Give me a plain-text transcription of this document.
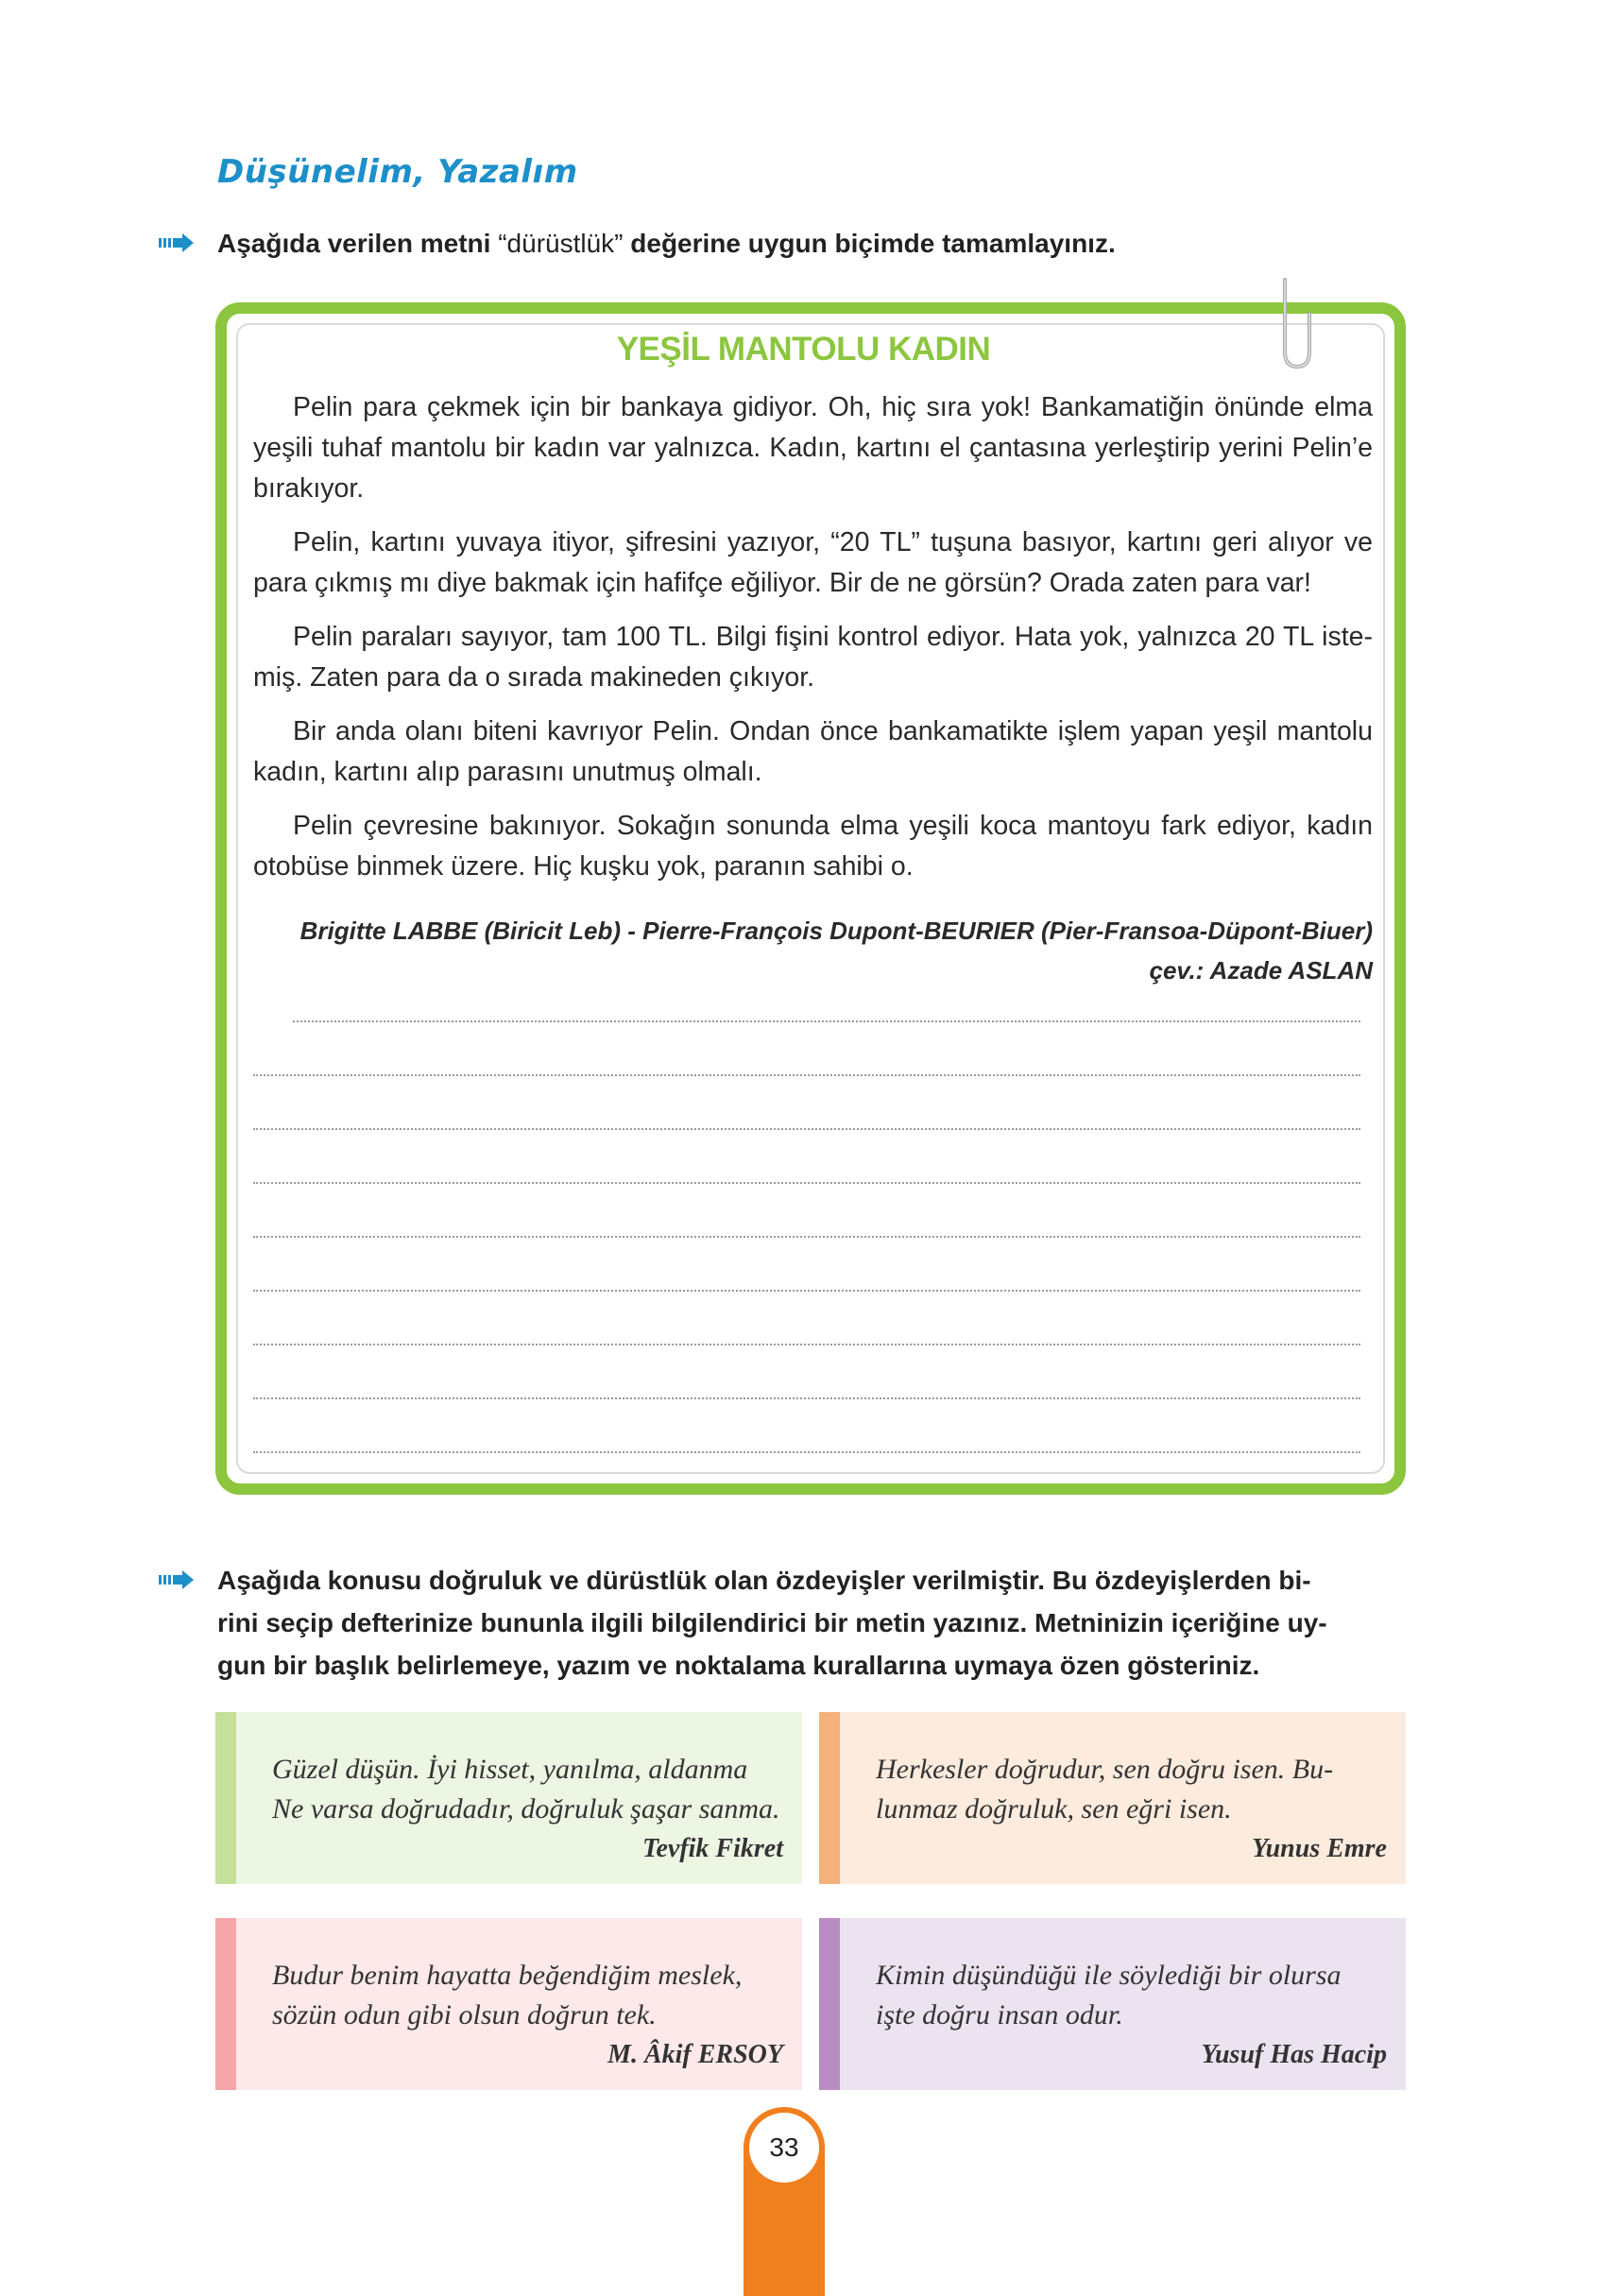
Düşünelim, Yazalım
Aşağıda verilen metni “dürüstlük” değerine uygun biçimde tamamlayınız.
YEŞİL MANTOLU KADIN

Pelin para çekmek için bir bankaya gidiyor. Oh, hiç sıra yok! Bankamatiğin önünde elma yeşili tuhaf mantolu bir kadın var yalnızca. Kadın, kartını el çantasına yerleştirip yerini Pelin’e bırakıyor.

Pelin, kartını yuvaya itiyor, şifresini yazıyor, “20 TL” tuşuna basıyor, kartını geri alıyor ve para çıkmış mı diye bakmak için hafifçe eğiliyor. Bir de ne görsün? Orada zaten para var!

Pelin paraları sayıyor, tam 100 TL. Bilgi fişini kontrol ediyor. Hata yok, yalnızca 20 TL istemiş. Zaten para da o sırada makineden çıkıyor.

Bir anda olanı biteni kavrıyor Pelin. Ondan önce bankamatikte işlem yapan yeşil mantolu kadın, kartını alıp parasını unutmuş olmalı.

Pelin çevresine bakınıyor. Sokağın sonunda elma yeşili koca mantoyu fark ediyor, kadın otobüse binmek üzere. Hiç kuşku yok, paranın sahibi o.

Brigitte LABBE (Biricit Leb) - Pierre-François Dupont-BEURIER (Pier-Fransoa-Düpont-Biuer)
çev.: Azade ASLAN
Aşağıda konusu doğruluk ve dürüstlük olan özdeyişler verilmiştir. Bu özdeyişlerden bi-
rini seçip defterinize bununla ilgili bilgilendirici bir metin yazınız. Metninizin içeriğine uy-
gun bir başlık belirlemeye, yazım ve noktalama kurallarına uymaya özen gösteriniz.
Güzel düşün. İyi hisset, yanılma, aldanma
Ne varsa doğrudadır, doğruluk şaşar sanma.
Tevfik Fikret
Herkesler doğrudur, sen doğru isen. Bu-
lunmaz doğruluk, sen eğri isen.
Yunus Emre
Budur benim hayatta beğendiğim meslek,
sözün odun gibi olsun doğrun tek.
M. Âkif ERSOY
Kimin düşündüğü ile söylediği bir olursa
işte doğru insan odur.
Yusuf Has Hacip
33
